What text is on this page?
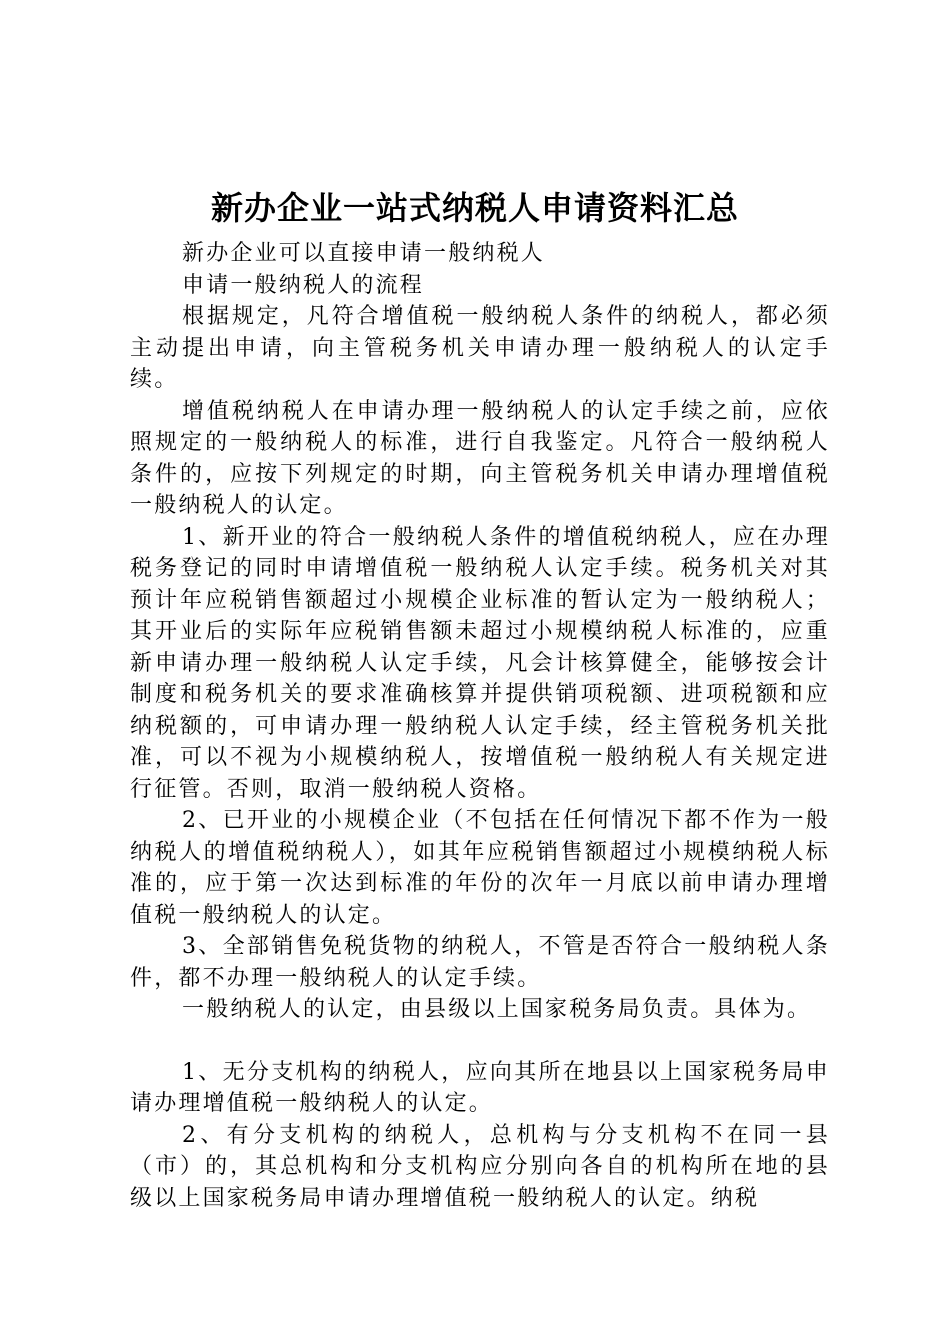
新办企业一站式纳税人申请资料汇总

新办企业可以直接申请一般纳税人

申请一般纳税人的流程

根据规定，凡符合增值税一般纳税人条件的纳税人，都必须主动提出申请，向主管税务机关申请办理一般纳税人的认定手续。

增值税纳税人在申请办理一般纳税人的认定手续之前，应依照规定的一般纳税人的标准，进行自我鉴定。凡符合一般纳税人条件的，应按下列规定的时期，向主管税务机关申请办理增值税一般纳税人的认定。

1、新开业的符合一般纳税人条件的增值税纳税人，应在办理税务登记的同时申请增值税一般纳税人认定手续。税务机关对其预计年应税销售额超过小规模企业标准的暂认定为一般纳税人；其开业后的实际年应税销售额未超过小规模纳税人标准的，应重新申请办理一般纳税人认定手续，凡会计核算健全，能够按会计制度和税务机关的要求准确核算并提供销项税额、进项税额和应纳税额的，可申请办理一般纳税人认定手续，经主管税务机关批准，可以不视为小规模纳税人，按增值税一般纳税人有关规定进行征管。否则，取消一般纳税人资格。

2、已开业的小规模企业（不包括在任何情况下都不作为一般纳税人的增值税纳税人），如其年应税销售额超过小规模纳税人标准的，应于第一次达到标准的年份的次年一月底以前申请办理增值税一般纳税人的认定。

3、全部销售免税货物的纳税人，不管是否符合一般纳税人条件，都不办理一般纳税人的认定手续。

一般纳税人的认定，由县级以上国家税务局负责。具体为。

1、无分支机构的纳税人，应向其所在地县以上国家税务局申请办理增值税一般纳税人的认定。

2、有分支机构的纳税人，总机构与分支机构不在同一县（市）的，其总机构和分支机构应分别向各自的机构所在地的县级以上国家税务局申请办理增值税一般纳税人的认定。纳税
